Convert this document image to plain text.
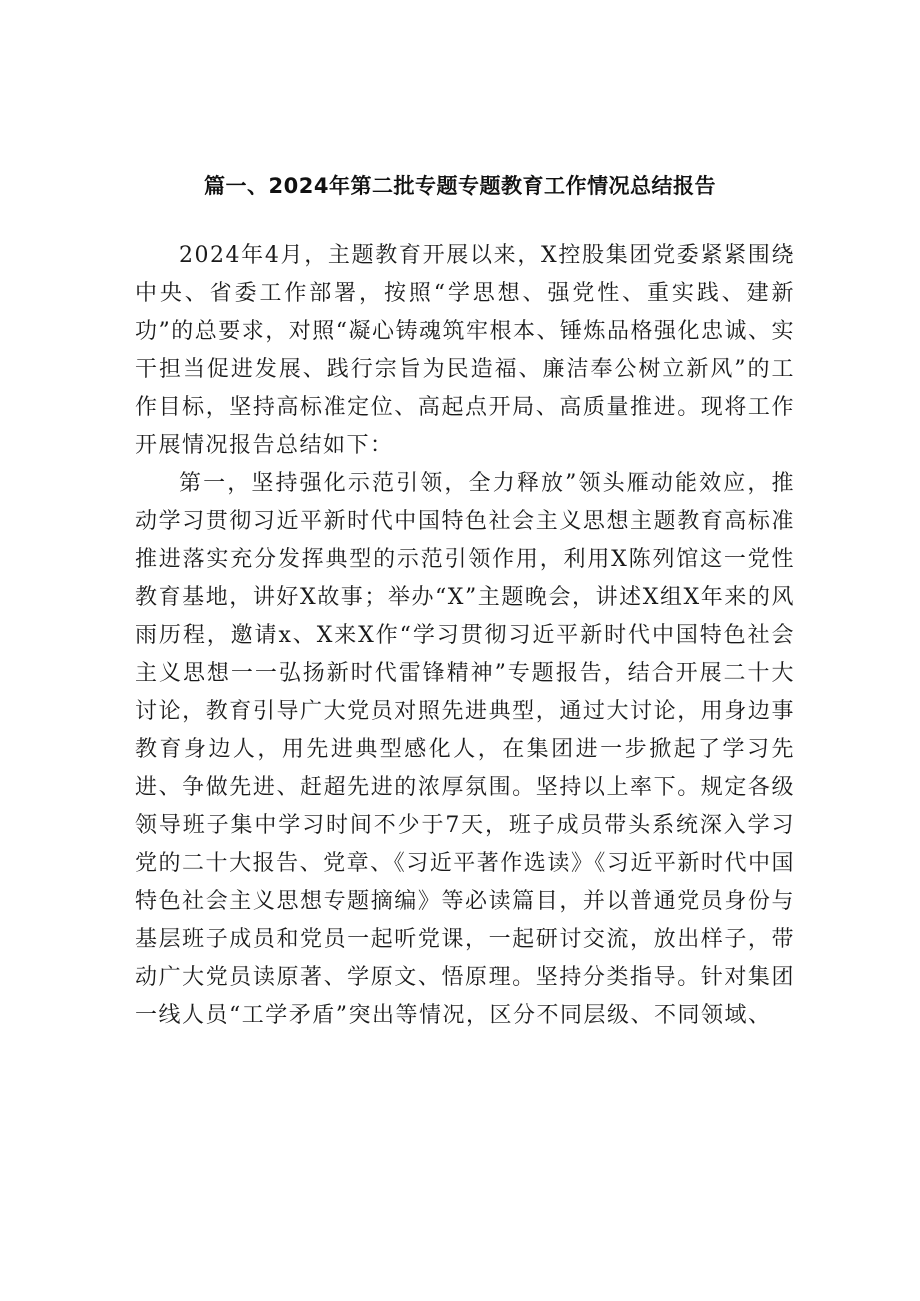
篇一、2024年第二批专题专题教育工作情况总结报告

2024年4月，主题教育开展以来，X控股集团党委紧紧围绕中央、省委工作部署，按照“学思想、强党性、重实践、建新功”的总要求，对照“凝心铸魂筑牢根本、锤炼品格强化忠诚、实干担当促进发展、践行宗旨为民造福、廉洁奉公树立新风”的工作目标，坚持高标准定位、高起点开局、高质量推进。现将工作开展情况报告总结如下：

第一，坚持强化示范引领，全力释放”领头雁动能效应，推动学习贯彻习近平新时代中国特色社会主义思想主题教育高标准推进落实充分发挥典型的示范引领作用，利用X陈列馆这一党性教育基地，讲好X故事；举办“X”主题晚会，讲述X组X年来的风雨历程，邀请x、X来X作“学习贯彻习近平新时代中国特色社会主义思想一一弘扬新时代雷锋精神”专题报告，结合开展二十大讨论，教育引导广大党员对照先进典型，通过大讨论，用身边事教育身边人，用先进典型感化人，在集团进一步掀起了学习先进、争做先进、赶超先进的浓厚氛围。坚持以上率下。规定各级领导班子集中学习时间不少于7天，班子成员带头系统深入学习党的二十大报告、党章、《习近平著作选读》《习近平新时代中国特色社会主义思想专题摘编》等必读篇目，并以普通党员身份与基层班子成员和党员一起听党课，一起研讨交流，放出样子，带动广大党员读原著、学原文、悟原理。坚持分类指导。针对集团一线人员“工学矛盾”突出等情况，区分不同层级、不同领域、
